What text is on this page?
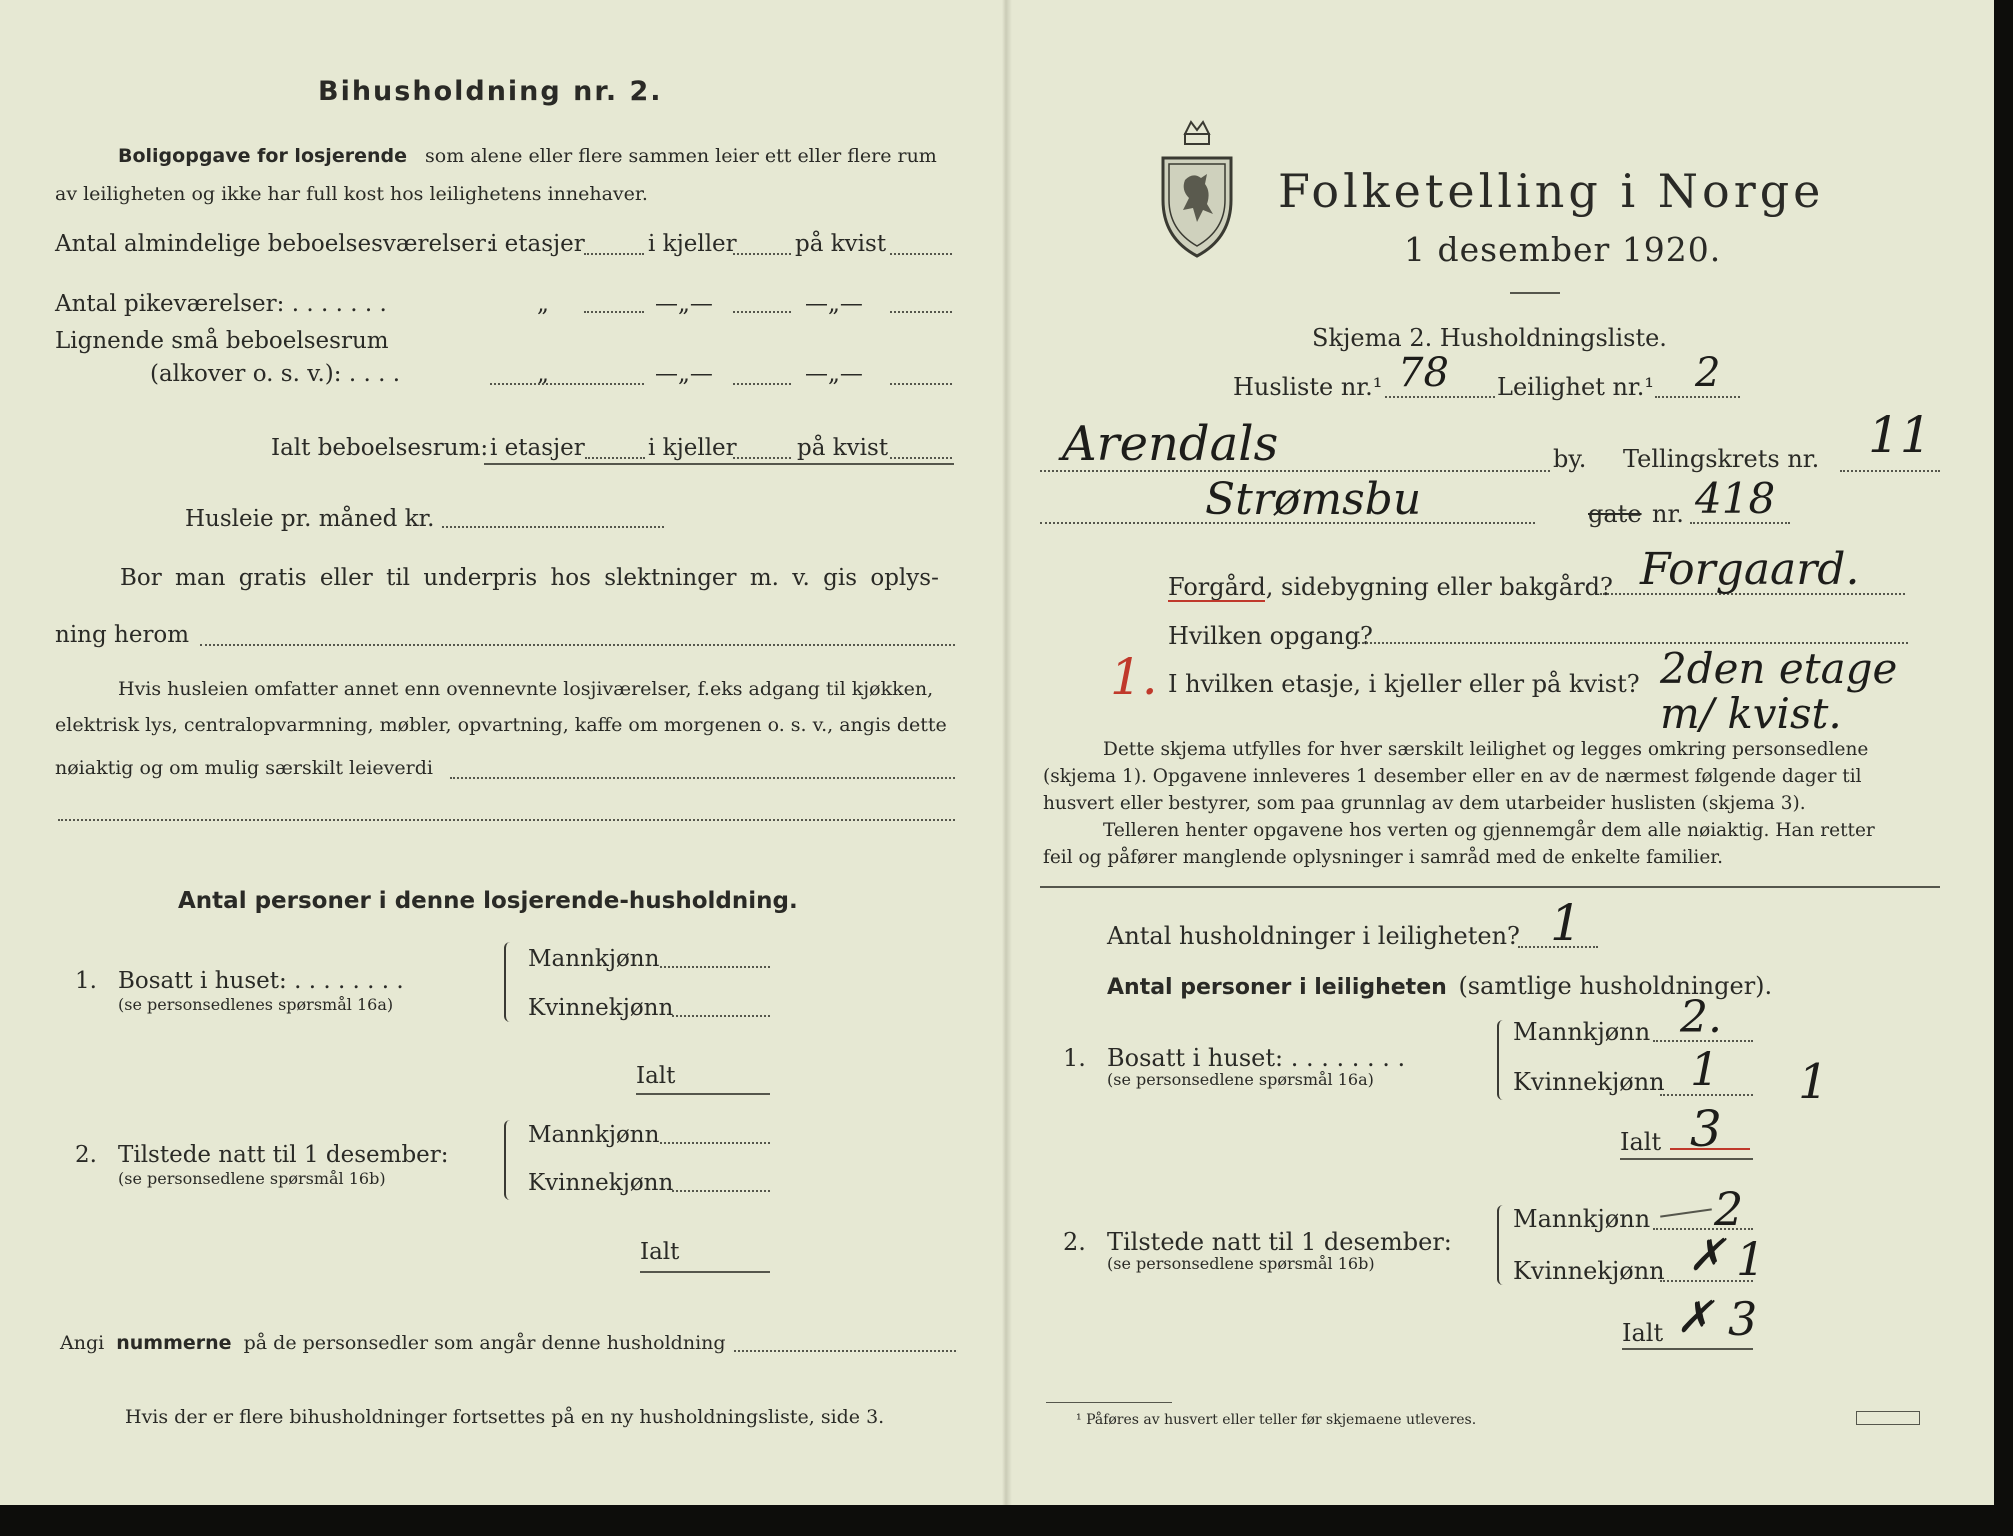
Bihusholdning nr. 2.
Boligopgave for losjerende som alene eller flere sammen leier ett eller flere rum
av leiligheten og ikke har full kost hos leilighetens innehaver.
Antal almindelige beboelsesværelser:
i etasjer	i kjeller	på kvist
Antal pikeværelser: . . . . . . .	„	—„—	—„—
Lignende små beboelsesrum
(alkover o. s. v.): . . . .	„	—„—	—„—
Ialt beboelsesrum: i etasjer	i kjeller	på kvist
Husleie pr. måned kr.
Bor man gratis eller til underpris hos slektninger m. v. gis oplys-
ning herom
Hvis husleien omfatter annet enn ovennevnte losjiværelser, f.eks adgang til kjøkken,
elektrisk lys, centralopvarmning, møbler, opvartning, kaffe om morgenen o. s. v., angis dette
nøiaktig og om mulig særskilt leieverdi
Antal personer i denne losjerende-husholdning.
1. Bosatt i huset: . . . . . . . .
(se personsedlenes spørsmål 16a)
Mannkjønn
Kvinnekjønn
Ialt
2. Tilstede natt til 1 desember:
(se personsedlene spørsmål 16b)
Mannkjønn
Kvinnekjønn
Ialt
Angi nummerne på de personsedler som angår denne husholdning
Hvis der er flere bihusholdninger fortsettes på en ny husholdningsliste, side 3.
Folketelling i Norge
1 desember 1920.
Skjema 2. Husholdningsliste.
Husliste nr.¹ 78 Leilighet nr.¹ 2
Arendals	by. Tellingskrets nr. 11
Strømsbu	gate nr. 418
Forgård, sidebygning eller bakgård? Forgaard.
Hvilken opgang?
1. I hvilken etasje, i kjeller eller på kvist? 2den etage
m/ kvist.
Dette skjema utfylles for hver særskilt leilighet og legges omkring personsedlene
(skjema 1). Opgavene innleveres 1 desember eller en av de nærmest følgende dager til
husvert eller bestyrer, som paa grunnlag av dem utarbeider huslisten (skjema 3).
Telleren henter opgavene hos verten og gjennemgår dem alle nøiaktig. Han retter
feil og påfører manglende oplysninger i samråd med de enkelte familier.
Antal husholdninger i leiligheten? 1
Antal personer i leiligheten (samtlige husholdninger).
1. Bosatt i huset: . . . . . . . .
(se personsedlene spørsmål 16a)
Mannkjønn 2.
Kvinnekjønn 1 1
Ialt 3
2. Tilstede natt til 1 desember:
(se personsedlene spørsmål 16b)
Mannkjønn 2
Kvinnekjønn ✗ 1
Ialt ✗ 3
¹ Påføres av husvert eller teller før skjemaene utleveres.
